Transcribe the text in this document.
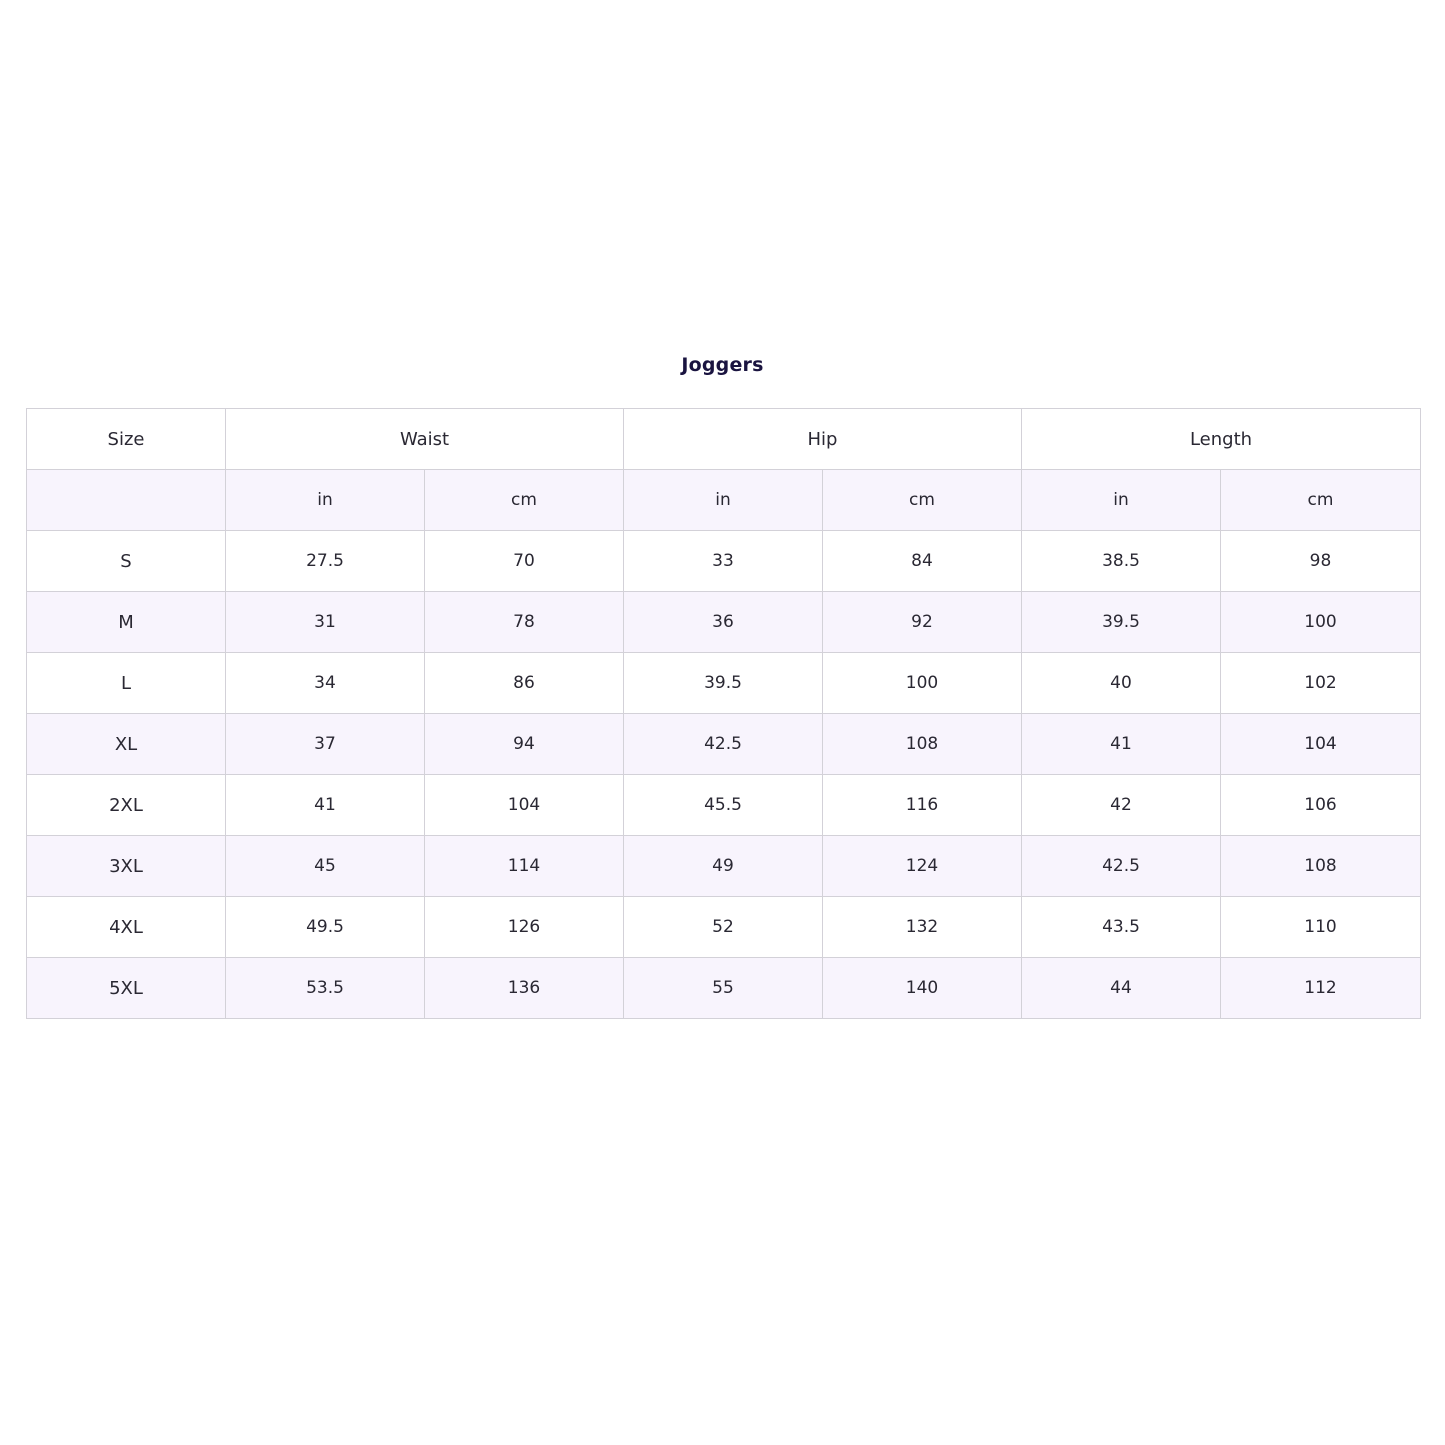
Joggers
Size	Waist		Hip		Length	
	in	cm	in	cm	in	cm
S	27.5	70	33	84	38.5	98
M	31	78	36	92	39.5	100
L	34	86	39.5	100	40	102
XL	37	94	42.5	108	41	104
2XL	41	104	45.5	116	42	106
3XL	45	114	49	124	42.5	108
4XL	49.5	126	52	132	43.5	110
5XL	53.5	136	55	140	44	112
